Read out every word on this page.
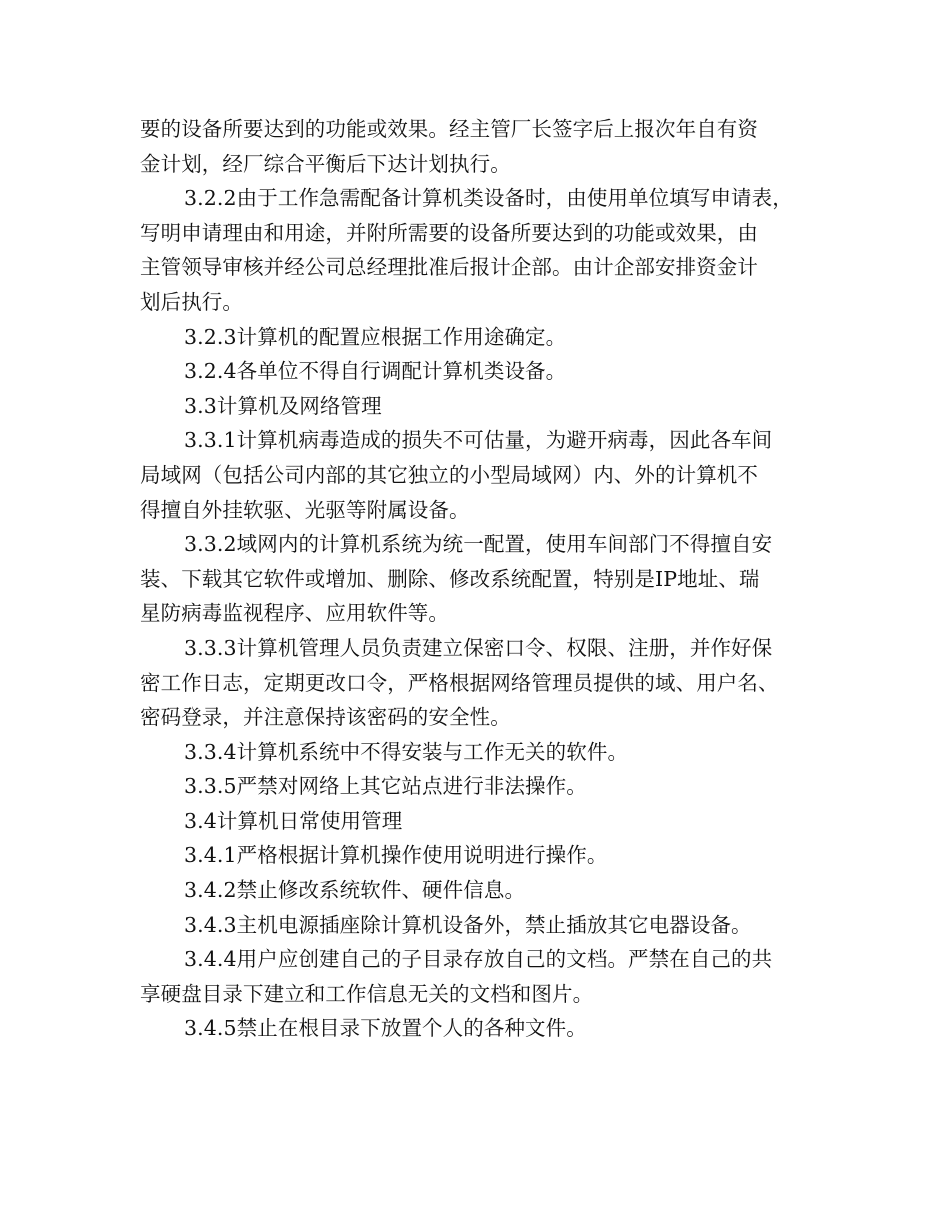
要的设备所要达到的功能或效果。经主管厂长签字后上报次年自有资
金计划，经厂综合平衡后下达计划执行。
3.2.2由于工作急需配备计算机类设备时，由使用单位填写申请表，
写明申请理由和用途，并附所需要的设备所要达到的功能或效果，由
主管领导审核并经公司总经理批准后报计企部。由计企部安排资金计
划后执行。
3.2.3计算机的配置应根据工作用途确定。
3.2.4各单位不得自行调配计算机类设备。
3.3计算机及网络管理
3.3.1计算机病毒造成的损失不可估量，为避开病毒，因此各车间
局域网（包括公司内部的其它独立的小型局域网）内、外的计算机不
得擅自外挂软驱、光驱等附属设备。
3.3.2域网内的计算机系统为统一配置，使用车间部门不得擅自安
装、下载其它软件或增加、删除、修改系统配置，特别是IP地址、瑞
星防病毒监视程序、应用软件等。
3.3.3计算机管理人员负责建立保密口令、权限、注册，并作好保
密工作日志，定期更改口令，严格根据网络管理员提供的域、用户名、
密码登录，并注意保持该密码的安全性。
3.3.4计算机系统中不得安装与工作无关的软件。
3.3.5严禁对网络上其它站点进行非法操作。
3.4计算机日常使用管理
3.4.1严格根据计算机操作使用说明进行操作。
3.4.2禁止修改系统软件、硬件信息。
3.4.3主机电源插座除计算机设备外，禁止插放其它电器设备。
3.4.4用户应创建自己的子目录存放自己的文档。严禁在自己的共
享硬盘目录下建立和工作信息无关的文档和图片。
3.4.5禁止在根目录下放置个人的各种文件。
